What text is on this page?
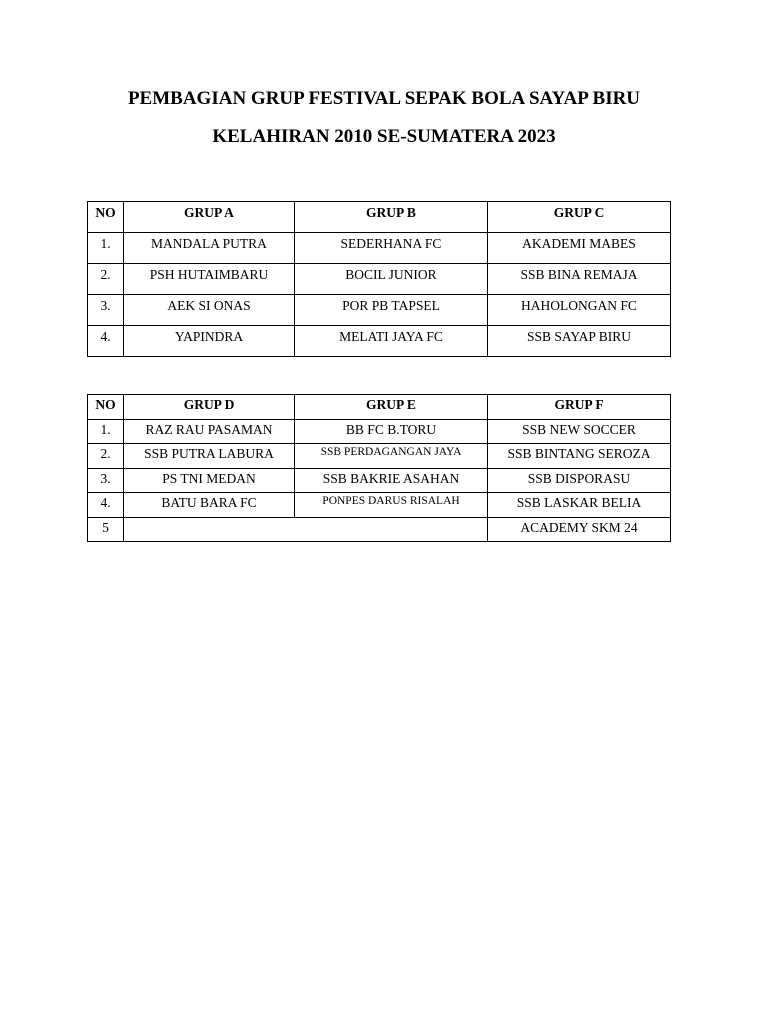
PEMBAGIAN GRUP FESTIVAL SEPAK BOLA SAYAP BIRU
KELAHIRAN 2010 SE-SUMATERA 2023
NO	GRUP A	GRUP B	GRUP C
1.	MANDALA PUTRA	SEDERHANA FC	AKADEMI MABES
2.	PSH HUTAIMBARU	BOCIL JUNIOR	SSB BINA REMAJA
3.	AEK SI ONAS	POR PB TAPSEL	HAHOLONGAN FC
4.	YAPINDRA	MELATI JAYA FC	SSB SAYAP BIRU
NO	GRUP D	GRUP E	GRUP F
1.	RAZ RAU PASAMAN	BB FC B.TORU	SSB NEW SOCCER
2.	SSB PUTRA LABURA	SSB PERDAGANGAN JAYA	SSB BINTANG SEROZA
3.	PS TNI MEDAN	SSB BAKRIE ASAHAN	SSB DISPORASU
4.	BATU BARA FC	PONPES DARUS RISALAH	SSB LASKAR BELIA
5			ACADEMY SKM 24
